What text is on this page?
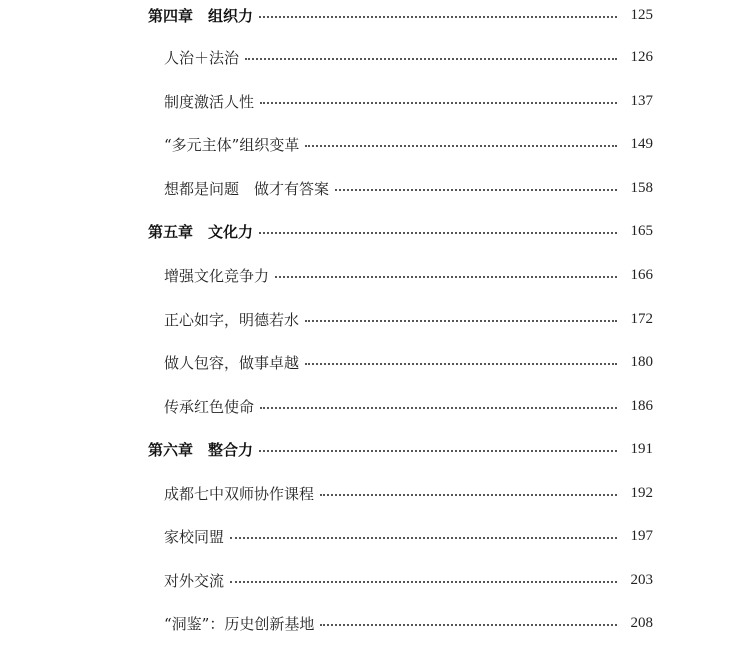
第四章　组织力	125
人治＋法治	126
制度激活人性	137
“多元主体”组织变革	149
想都是问题　做才有答案	158
第五章　文化力	165
增强文化竞争力	166
正心如字，明德若水	172
做人包容，做事卓越	180
传承红色使命	186
第六章　整合力	191
成都七中双师协作课程	192
家校同盟	197
对外交流	203
“洞鉴”：历史创新基地	208
